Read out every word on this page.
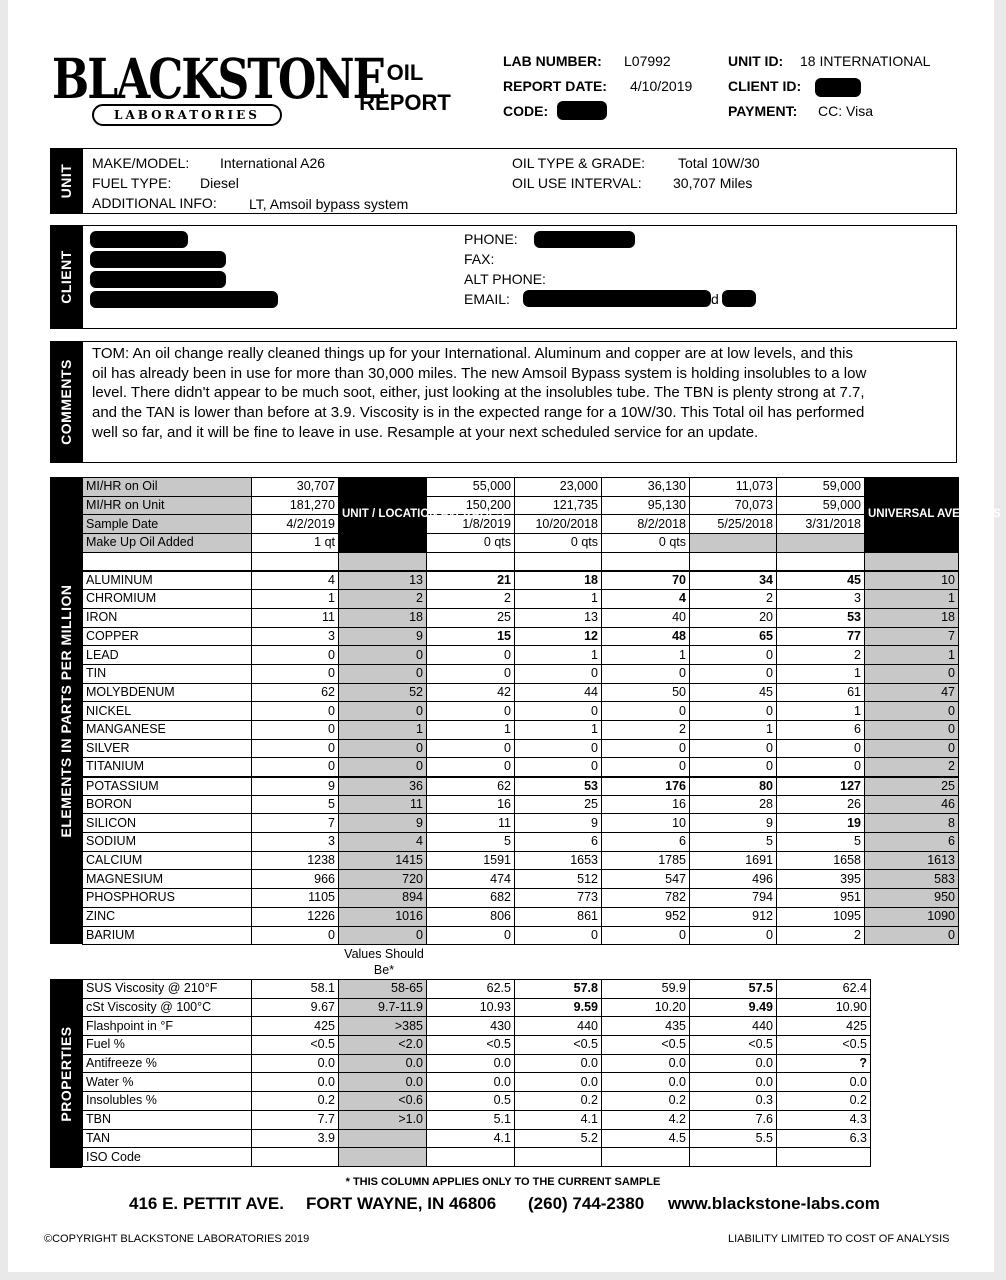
BLACKSTONE
LABORATORIES
OIL REPORT
LAB NUMBER: L07992
REPORT DATE: 4/10/2019
CODE:
UNIT ID: 18 INTERNATIONAL
CLIENT ID:
PAYMENT: CC: Visa
UNIT
MAKE/MODEL: International A26
FUEL TYPE: Diesel
ADDITIONAL INFO: LT, Amsoil bypass system
OIL TYPE & GRADE: Total 10W/30
OIL USE INTERVAL: 30,707 Miles
CLIENT
PHONE:
FAX:
ALT PHONE:
EMAIL:	d
COMMENTS
TOM: An oil change really cleaned things up for your International. Aluminum and copper are at low levels, and this oil has already been in use for more than 30,000 miles. The new Amsoil Bypass system is holding insolubles to a low level. There didn't appear to be much soot, either, just looking at the insolubles tube. The TBN is plenty strong at 7.7, and the TAN is lower than before at 3.9. Viscosity is in the expected range for a 10W/30. This Total oil has performed well so far, and it will be fine to leave in use. Resample at your next scheduled service for an update.
ELEMENTS IN PARTS PER MILLION
MI/HR on Oil	30,707	UNIT / LOCATION AVERAGES	55,000	23,000	36,130	11,073	59,000	UNIVERSAL AVERAGES
MI/HR on Unit	181,270		150,200	121,735	95,130	70,073	59,000	
Sample Date	4/2/2019		1/8/2019	10/20/2018	8/2/2018	5/25/2018	3/31/2018	
Make Up Oil Added	1 qt		0 qts	0 qts	0 qts			

ALUMINUM	4	13	21	18	70	34	45	10
CHROMIUM	1	2	2	1	4	2	3	1
IRON	11	18	25	13	40	20	53	18
COPPER	3	9	15	12	48	65	77	7
LEAD	0	0	0	1	1	0	2	1
TIN	0	0	0	0	0	0	1	0
MOLYBDENUM	62	52	42	44	50	45	61	47
NICKEL	0	0	0	0	0	0	1	0
MANGANESE	0	1	1	1	2	1	6	0
SILVER	0	0	0	0	0	0	0	0
TITANIUM	0	0	0	0	0	0	0	2
POTASSIUM	9	36	62	53	176	80	127	25
BORON	5	11	16	25	16	28	26	46
SILICON	7	9	11	9	10	9	19	8
SODIUM	3	4	5	6	6	5	5	6
CALCIUM	1238	1415	1591	1653	1785	1691	1658	1613
MAGNESIUM	966	720	474	512	547	496	395	583
PHOSPHORUS	1105	894	682	773	782	794	951	950
ZINC	1226	1016	806	861	952	912	1095	1090
BARIUM	0	0	0	0	0	0	2	0
Values Should Be*
PROPERTIES
SUS Viscosity @ 210°F	58.1	58-65	62.5	57.8	59.9	57.5	62.4
cSt Viscosity @ 100°C	9.67	9.7-11.9	10.93	9.59	10.20	9.49	10.90
Flashpoint in °F	425	>385	430	440	435	440	425
Fuel %	<0.5	<2.0	<0.5	<0.5	<0.5	<0.5	<0.5
Antifreeze %	0.0	0.0	0.0	0.0	0.0	0.0	?
Water %	0.0	0.0	0.0	0.0	0.0	0.0	0.0
Insolubles %	0.2	<0.6	0.5	0.2	0.2	0.3	0.2
TBN	7.7	>1.0	5.1	4.1	4.2	7.6	4.3
TAN	3.9		4.1	5.2	4.5	5.5	6.3
ISO Code							
* THIS COLUMN APPLIES ONLY TO THE CURRENT SAMPLE
416 E. PETTIT AVE. FORT WAYNE, IN 46806 (260) 744-2380 www.blackstone-labs.com
©COPYRIGHT BLACKSTONE LABORATORIES 2019	LIABILITY LIMITED TO COST OF ANALYSIS
